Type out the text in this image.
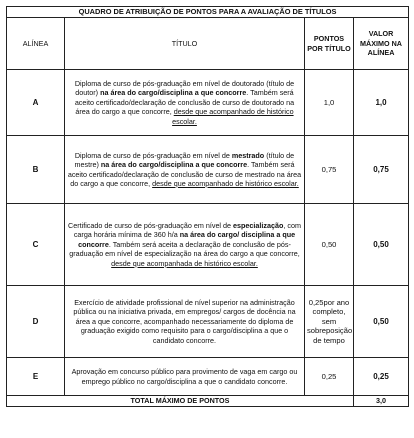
QUADRO DE ATRIBUIÇÃO DE PONTOS PARA A AVALIAÇÃO DE TÍTULOS			
ALÍNEA	TÍTULO	PONTOS POR TÍTULO	VALOR MÁXIMO NA ALÍNEA
A	Diploma de curso de pós-graduação em nível de doutorado (título de doutor) na área do cargo/disciplina a que concorre. Também será aceito certificado/declaração de conclusão de curso de doutorado na área do cargo a que concorre, desde que acompanhado de histórico escolar.	1,0	1,0
B	Diploma de curso de pós-graduação em nível de mestrado (título de mestre) na área do cargo/disciplina a que concorre. Também será aceito certificado/declaração de conclusão de curso de mestrado na área do cargo a que concorre, desde que acompanhado de histórico escolar.	0,75	0,75
C	Certificado de curso de pós-graduação em nível de especialização, com carga horária mínima de 360 h/a na área do cargo/ disciplina a que concorre. Também será aceita a declaração de conclusão de pós-graduação em nível de especialização na área do cargo a que concorre, desde que acompanhada de histórico escolar.	0,50	0,50
D	Exercício de atividade profissional de nível superior na administração pública ou na iniciativa privada, em empregos/ cargos de docência na área a que concorre, acompanhado necessariamente do diploma de graduação exigido como requisito para o cargo/disciplina a que o candidato concorre.	0,25por ano completo, sem sobreposição de tempo	0,50
E	Aprovação em concurso público para provimento de vaga em cargo ou emprego público no cargo/disciplina a que o candidato concorre.	0,25	0,25
TOTAL MÁXIMO DE PONTOS			3,0
